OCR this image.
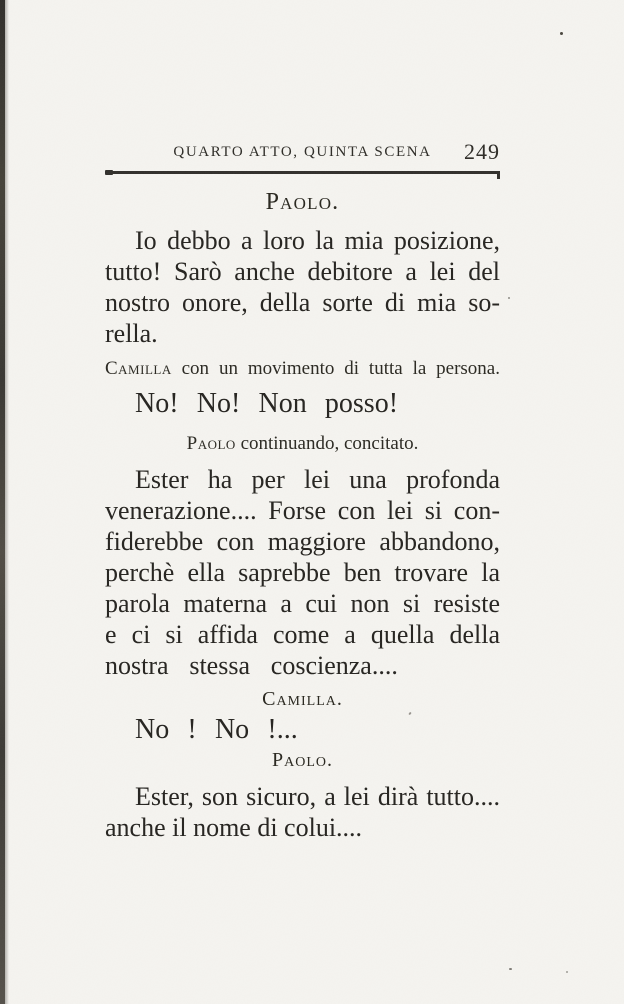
QUARTO ATTO, QUINTA SCENA 249
Paolo.
Io debbo a loro la mia posizione,
tutto! Sarò anche debitore a lei del
nostro onore, della sorte di mia so-
rella.
Camilla con un movimento di tutta la persona.
No! No! Non posso!
Paolo continuando, concitato.
Ester ha per lei una profonda
venerazione.... Forse con lei si con-
fiderebbe con maggiore abbandono,
perchè ella saprebbe ben trovare la
parola materna a cui non si resiste
e ci si affida come a quella della
nostra stessa coscienza....
Camilla.
No ! No !...
Paolo.
Ester, son sicuro, a lei dirà tutto....
anche il nome di colui....
